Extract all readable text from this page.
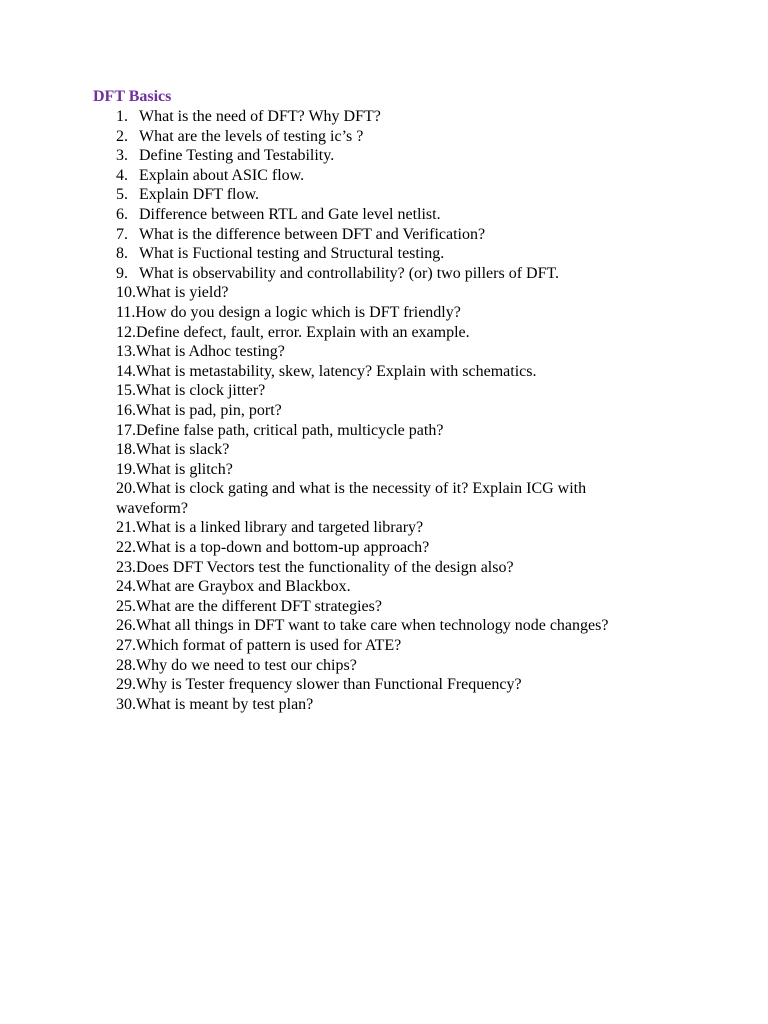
DFT Basics
1. What is the need of DFT? Why DFT?
2. What are the levels of testing ic’s ?
3. Define Testing and Testability.
4. Explain about ASIC flow.
5. Explain DFT flow.
6. Difference between RTL and Gate level netlist.
7. What is the difference between DFT and Verification?
8. What is Fuctional testing and Structural testing.
9. What is observability and controllability? (or) two pillers of DFT.
10.What is yield?
11.How do you design a logic which is DFT friendly?
12.Define defect, fault, error. Explain with an example.
13.What is Adhoc testing?
14.What is metastability, skew, latency? Explain with schematics.
15.What is clock jitter?
16.What is pad, pin, port?
17.Define false path, critical path, multicycle path?
18.What is slack?
19.What is glitch?
20.What is clock gating and what is the necessity of it? Explain ICG with waveform?
21.What is a linked library and targeted library?
22.What is a top-down and bottom-up approach?
23.Does DFT Vectors test the functionality of the design also?
24.What are Graybox and Blackbox.
25.What are the different DFT strategies?
26.What all things in DFT want to take care when technology node changes?
27.Which format of pattern is used for ATE?
28.Why do we need to test our chips?
29.Why is Tester frequency slower than Functional Frequency?
30.What is meant by test plan?
